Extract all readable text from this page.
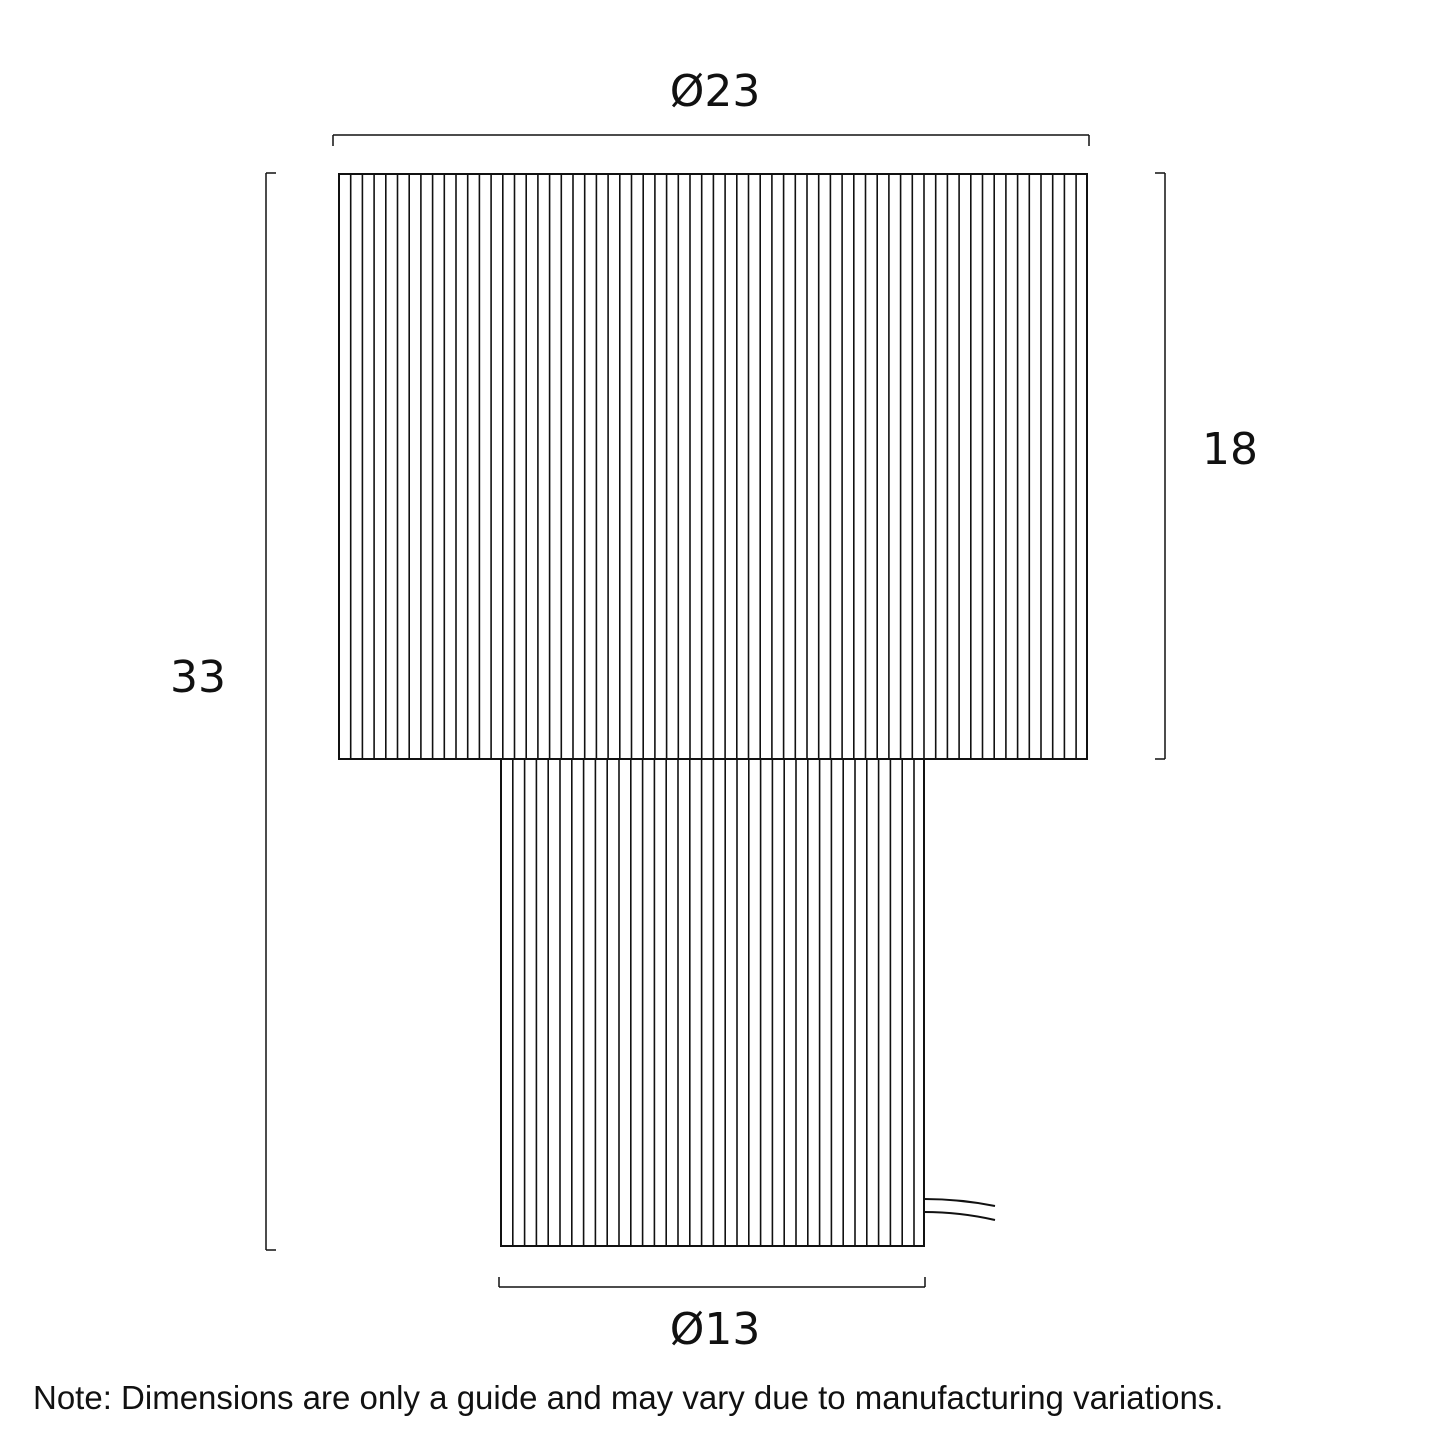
Ø23
18
33
Ø13
Note: Dimensions are only a guide and may vary due to manufacturing variations.
